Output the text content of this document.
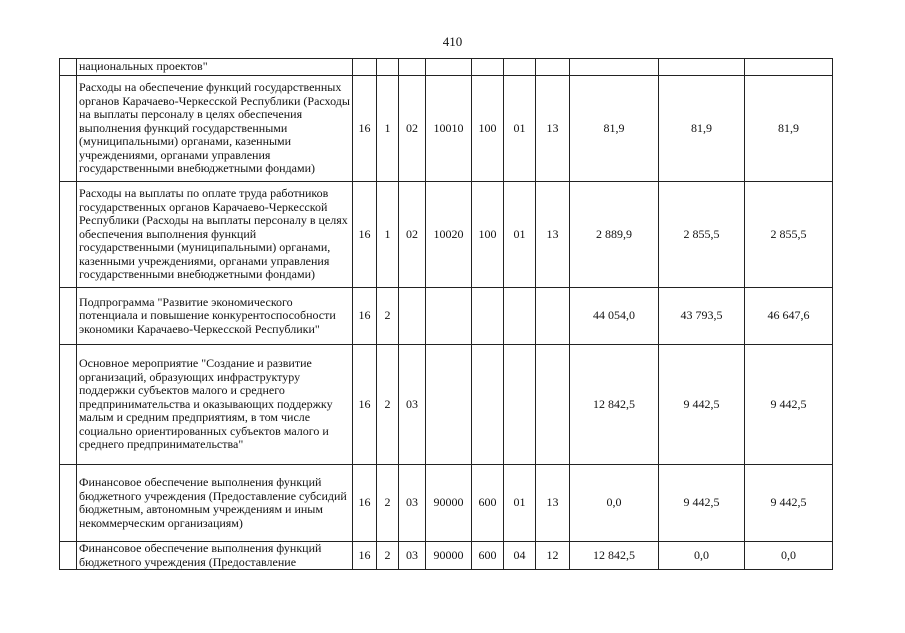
410
	национальных проектов"										
	Расходы на обеспечение функций государственных органов Карачаево-Черкесской Республики (Расходы на выплаты персоналу в целях обеспечения выполнения функций государственными (муниципальными) органами, казенными учреждениями, органами управления государственными внебюджетными фондами)	16	1	02	10010	100	01	13	81,9	81,9	81,9
	Расходы на выплаты по оплате труда работников государственных органов Карачаево-Черкесской Республики (Расходы на выплаты персоналу в целях обеспечения выполнения функций государственными (муниципальными) органами, казенными учреждениями, органами управления государственными внебюджетными фондами)	16	1	02	10020	100	01	13	2 889,9	2 855,5	2 855,5
	Подпрограмма "Развитие экономического потенциала и повышение конкурентоспособности экономики Карачаево-Черкесской Республики"	16	2						44 054,0	43 793,5	46 647,6
	Основное мероприятие "Создание и развитие организаций, образующих инфраструктуру поддержки субъектов малого и среднего предпринимательства и оказывающих поддержку малым и средним предприятиям, в том числе социально ориентированных субъектов малого и среднего предпринимательства"	16	2	03					12 842,5	9 442,5	9 442,5
	Финансовое обеспечение выполнения функций бюджетного учреждения (Предоставление субсидий бюджетным, автономным учреждениям и иным некоммерческим организациям)	16	2	03	90000	600	01	13	0,0	9 442,5	9 442,5
	Финансовое обеспечение выполнения функций бюджетного учреждения (Предоставление	16	2	03	90000	600	04	12	12 842,5	0,0	0,0
